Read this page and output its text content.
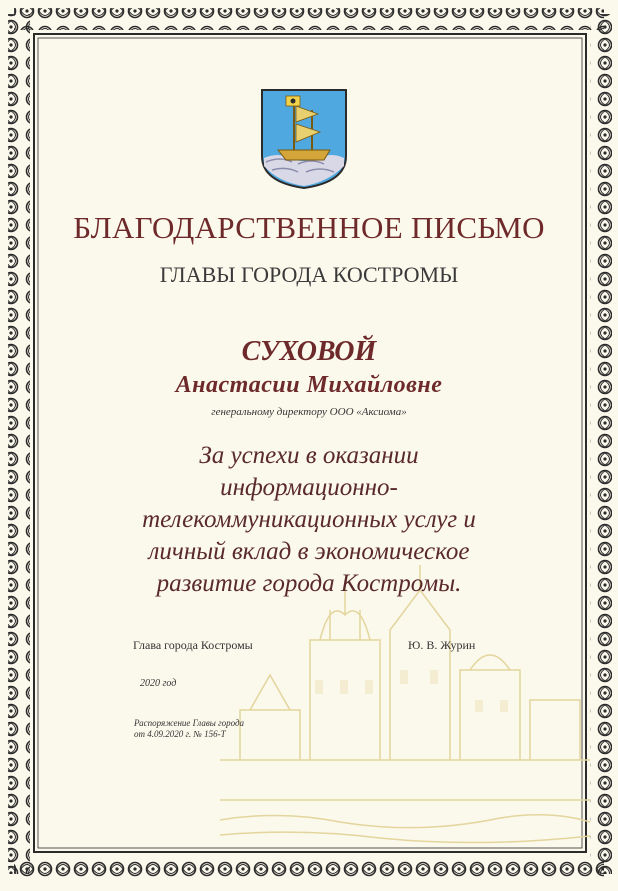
БЛАГОДАРСТВЕННОЕ ПИСЬМО
ГЛАВЫ ГОРОДА КОСТРОМЫ
СУХОВОЙ
Анастасии Михайловне
генеральному директору ООО «Аксиома»
За успехи в оказании
информационно-
телекоммуникационных услуг и
личный вклад в экономическое
развитие города Костромы.
Глава города Костромы	Ю. В. Журин
2020 год
Распоряжение Главы города
от 4.09.2020 г. № 156-Т
